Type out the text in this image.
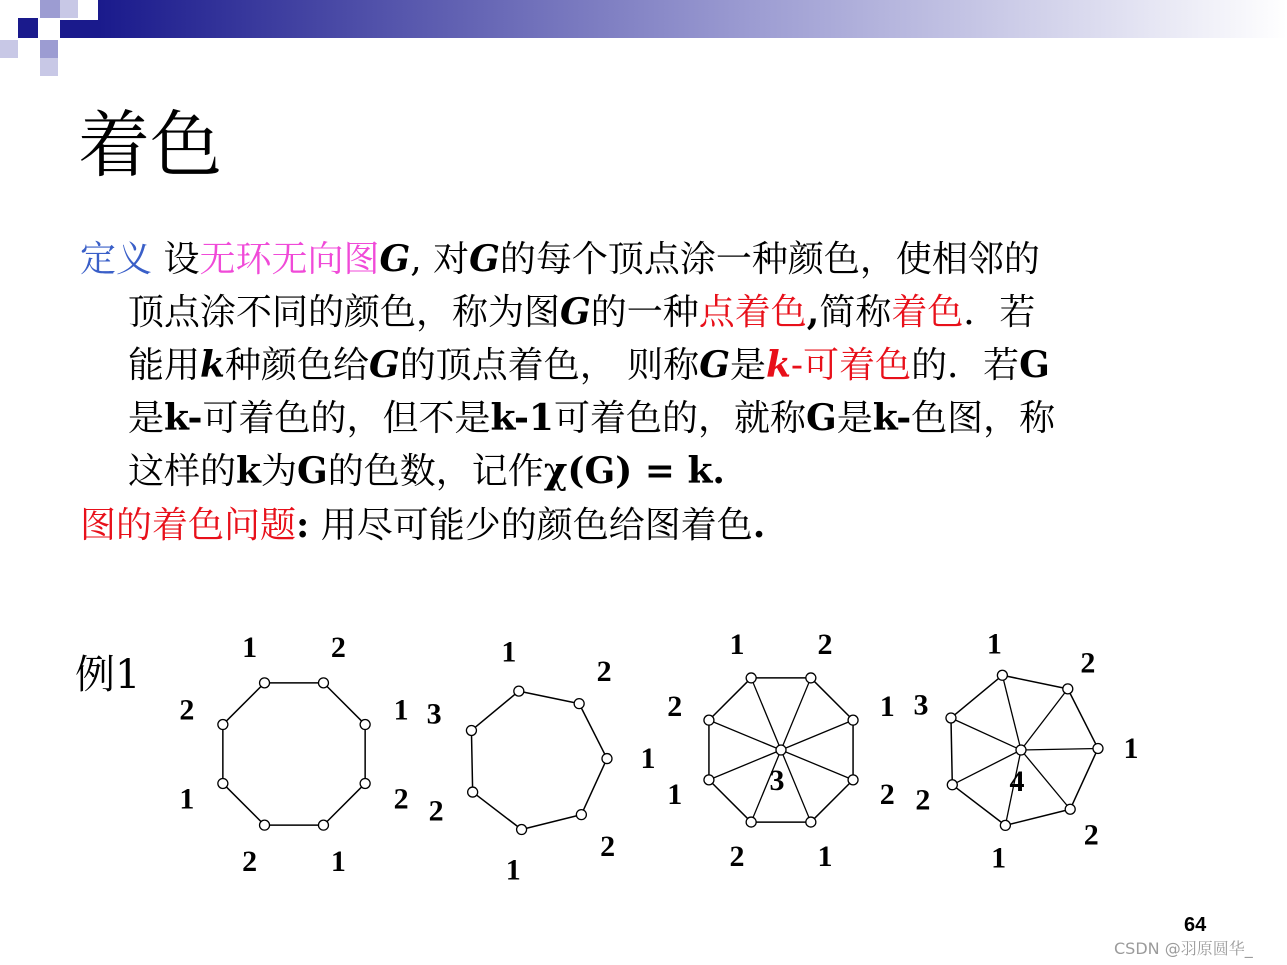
着色
定义 设无环无向图G, 对G的每个顶点涂一种颜色，使相邻的
顶点涂不同的颜色，称为图G的一种点着色,简称着色．若
能用k种颜色给G的顶点着色， 则称G是k-可着色的．若G
是k-可着色的，但不是k-1可着色的，就称G是k-色图，称
这样的k为G的色数，记作χ(G) = k.
图的着色问题: 用尽可能少的颜色给图着色.
例1
1 2
1
2
1
2
1
2
1
2
1
2
1
2
3
1 2
1
2
1
2
1
2
3
1
2
1
2
1
2
3
4
64
CSDN @羽原圆华_
